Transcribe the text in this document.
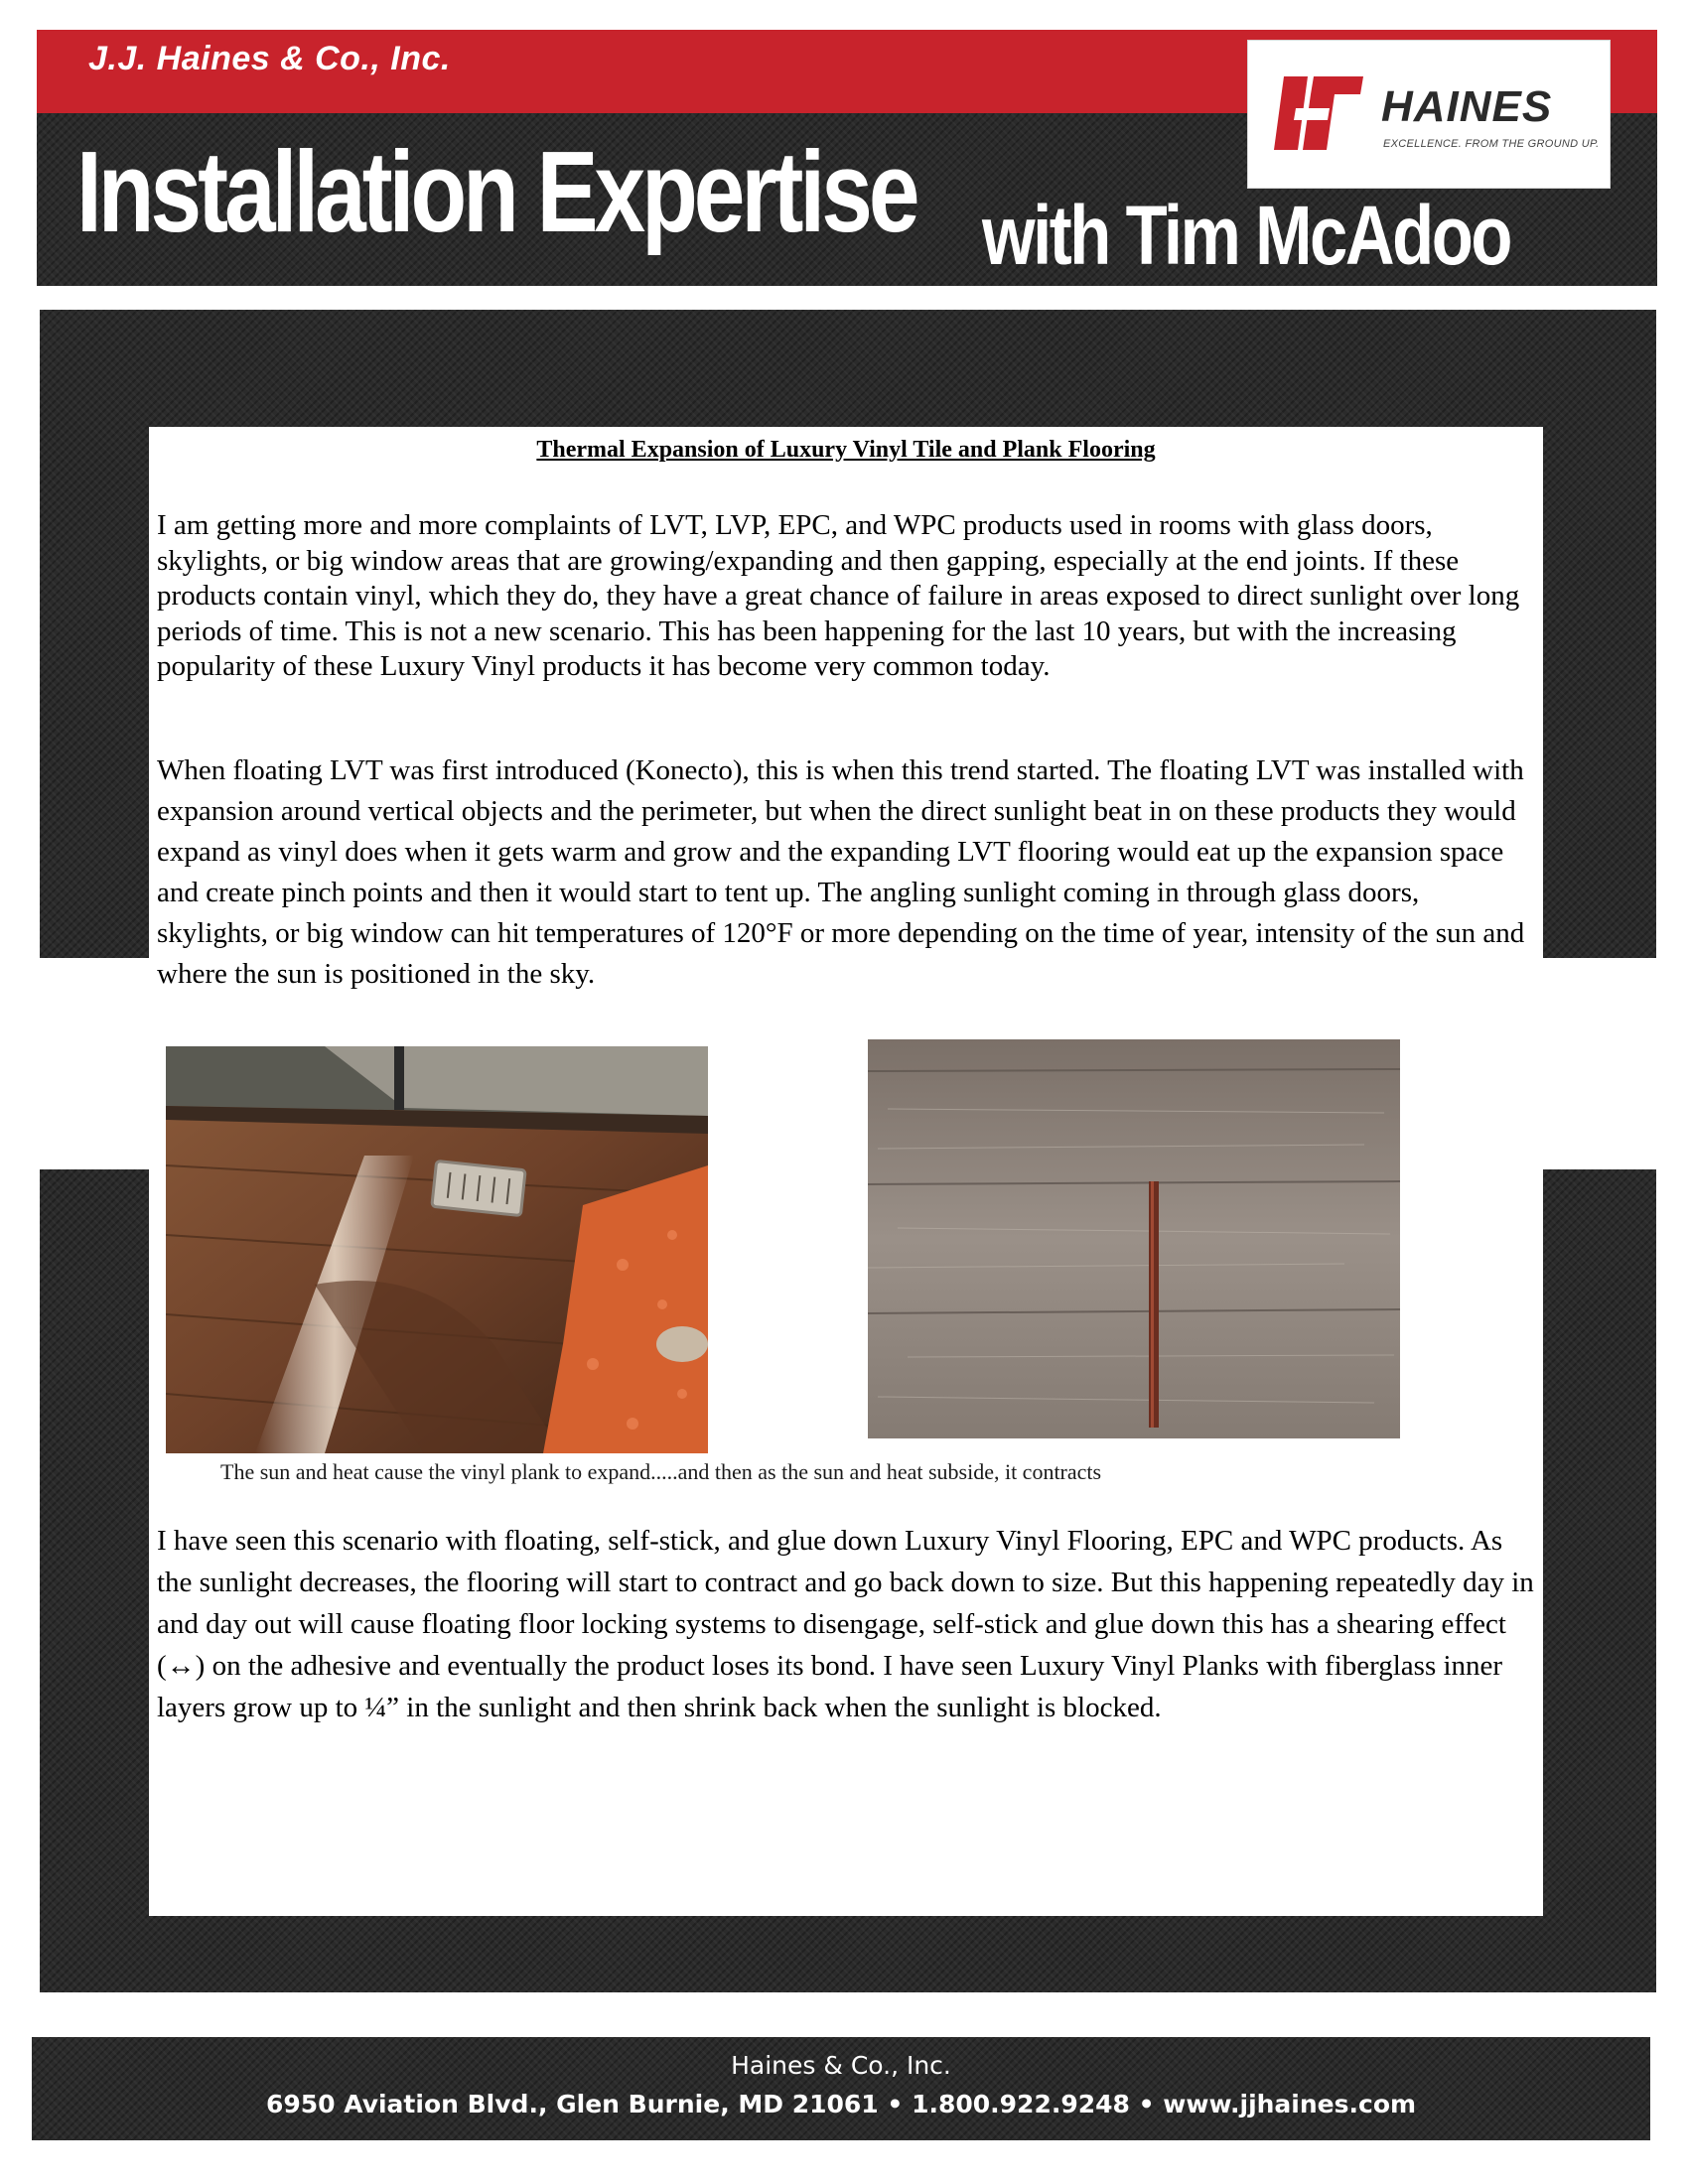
J.J. Haines & Co., Inc.
Installation Expertise with Tim McAdoo
HAINES
EXCELLENCE. FROM THE GROUND UP.
Thermal Expansion of Luxury Vinyl Tile and Plank Flooring

I am getting more and more complaints of LVT, LVP, EPC, and WPC products used in rooms with glass doors, skylights, or big window areas that are growing/expanding and then gapping, especially at the end joints. If these products contain vinyl, which they do, they have a great chance of failure in areas exposed to direct sunlight over long periods of time. This is not a new scenario. This has been happening for the last 10 years, but with the increasing popularity of these Luxury Vinyl products it has become very common today.

When floating LVT was first introduced (Konecto), this is when this trend started. The floating LVT was installed with expansion around vertical objects and the perimeter, but when the direct sunlight beat in on these products they would expand as vinyl does when it gets warm and grow and the expanding LVT flooring would eat up the expansion space and create pinch points and then it would start to tent up. The angling sunlight coming in through glass doors, skylights, or big window can hit temperatures of 120°F or more depending on the time of year, intensity of the sun and where the sun is positioned in the sky.

The sun and heat cause the vinyl plank to expand.....and then as the sun and heat subside, it contracts

I have seen this scenario with floating, self-stick, and glue down Luxury Vinyl Flooring, EPC and WPC products. As the sunlight decreases, the flooring will start to contract and go back down to size. But this happening repeatedly day in and day out will cause floating floor locking systems to disengage, self-stick and glue down this has a shearing effect (↔) on the adhesive and eventually the product loses its bond. I have seen Luxury Vinyl Planks with fiberglass inner layers grow up to ¼” in the sunlight and then shrink back when the sunlight is blocked.

Haines & Co., Inc.
6950 Aviation Blvd., Glen Burnie, MD 21061 • 1.800.922.9248 • www.jjhaines.com
